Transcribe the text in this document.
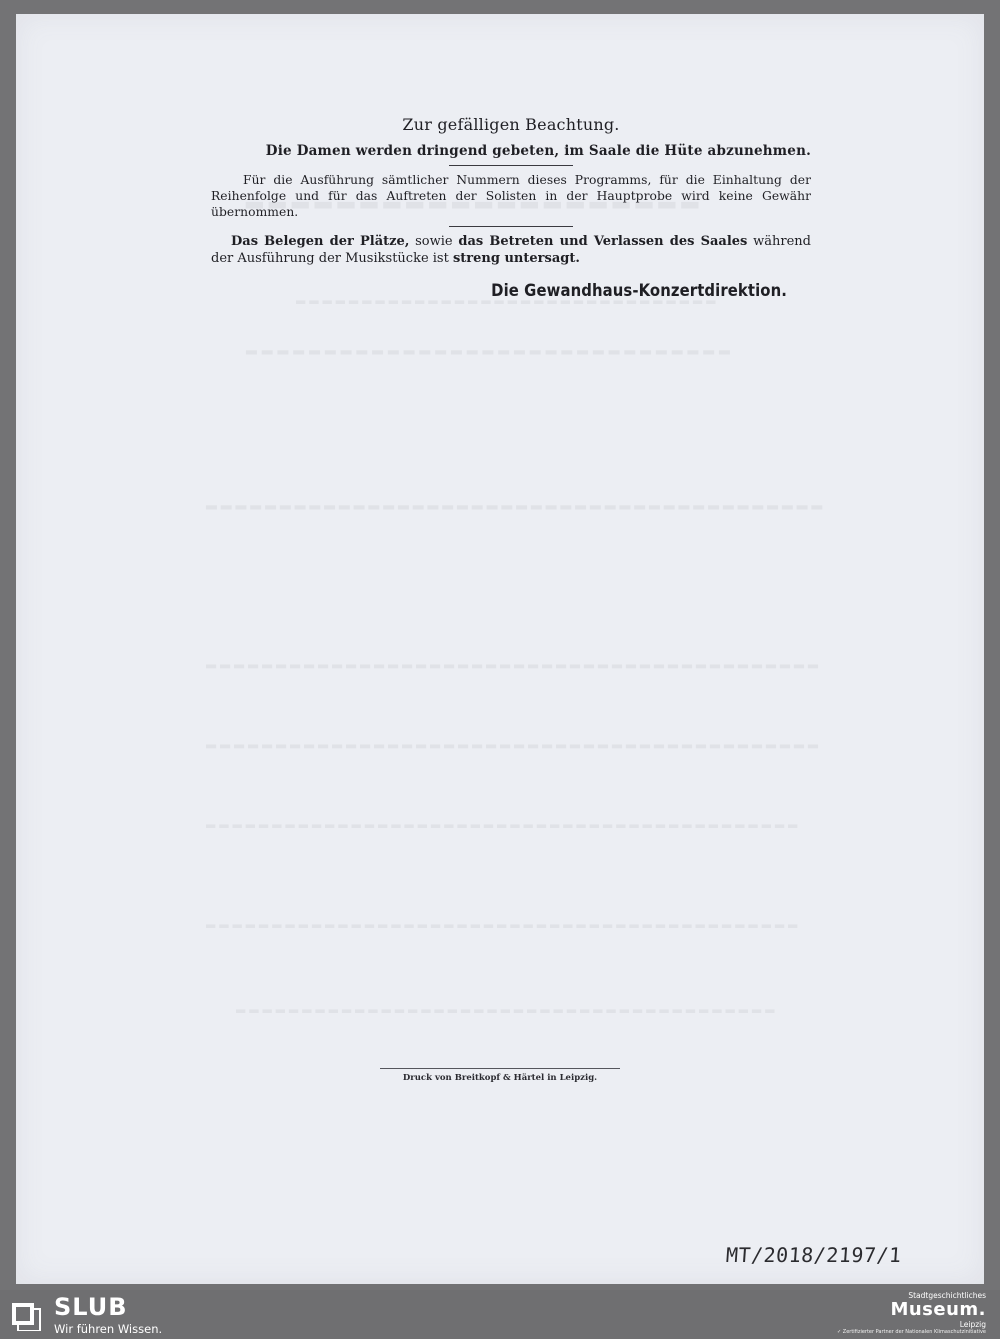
Zur gefälligen Beachtung.

Die Damen werden dringend gebeten, im Saale die Hüte abzunehmen.

Für die Ausführung sämtlicher Nummern dieses Programms, für die Einhaltung der Reihenfolge und für das Auftreten der Solisten in der Hauptprobe wird keine Gewähr übernommen.

Das Belegen der Plätze, sowie das Betreten und Verlassen des Saales während der Ausführung der Musikstücke ist streng untersagt.

Die Gewandhaus-Konzertdirektion.
Druck von Breitkopf & Härtel in Leipzig.
MT/2018/2197/1
SLUB
Wir führen Wissen.
Stadtgeschichtliches
Museum.
Leipzig
✓ Zertifizierter Partner der Nationalen Klimaschutzinitiative
